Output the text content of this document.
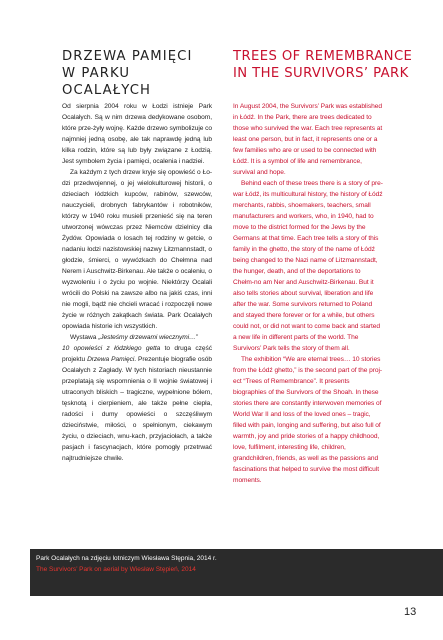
DRZEWA PAMIĘCI
W PARKU OCALAŁYCH
TREES OF REMEMBRANCE
IN THE SURVIVORS’ PARK

Od sierpnia 2004 roku w Łodzi istnieje Park Ocalałych. Są w nim drzewa dedykowane osobom, które prze-żyły wojnę. Każde drzewo symbolizuje co najmniej jedną osobę, ale tak naprawdę jedną lub kilka rodzin, które są lub były związane z Łodzią. Jest symbolem życia i pamięci, ocalenia i nadziei.

Za każdym z tych drzew kryje się opowieść o Ło-dzi przedwojennej, o jej wielokulturowej historii, o dzieciach łódzkich kupców, rabinów, szewców, nauczycieli, drobnych fabrykantów i robotników, którzy w 1940 roku musieli przenieść się na teren utworzonej wówczas przez Niemców dzielnicy dla Żydów. Opowiada o losach tej rodziny w getcie, o nadaniu łodzi nazistowskiej nazwy Litzmannstadt, o głodzie, śmierci, o wywózkach do Chełmna nad Nerem i Auschwitz-Birkenau. Ale także o ocaleniu, o wyzwoleniu i o życiu po wojnie. Niektórzy Ocalali wrócili do Polski na zawsze albo na jakiś czas, inni nie mogli, bądź nie chcieli wracać i rozpoczęli nowe życie w różnych zakątkach świata. Park Ocalałych opowiada historie ich wszystkich.

Wystawa „Jesteśmy drzewami wiecznymi…”
10 opowieści z łódzkiego getta to druga część projektu Drzewa Pamięci. Prezentuje biografie osób Ocalałych z Zagłady. W tych historiach nieustannie przeplatają się wspomnienia o II wojnie światowej i utraconych bliskich – tragiczne, wypełnione bólem, tęsknotą i cierpieniem, ale także pełne ciepła, radości i dumy opowieści o szczęśliwym dzieciństwie, miłości, o spełnionym, ciekawym życiu, o dzieciach, wnu-kach, przyjaciołach, a także pasjach i fascynacjach, które pomogły przetrwać najtrudniejsze chwile.

In August 2004, the Survivors’ Park was established in Łódź. In the Park, there are trees dedicated to those who survived the war. Each tree represents at least one person, but in fact, it represents one or a few families who are or used to be connected with Łódź. It is a symbol of life and remembrance, survival and hope.

Behind each of these trees there is a story of pre-war Łódź, its multicultural history, the history of Łódź merchants, rabbis, shoemakers, teachers, small manufacturers and workers, who, in 1940, had to move to the district formed for the Jews by the Germans at that time. Each tree tells a story of this family in the ghetto, the story of the name of Łódź being changed to the Nazi name of Litzmannstadt, the hunger, death, and of the deportations to Chełm-no am Ner and Auschwitz-Birkenau. But it also tells stories about survival, liberation and life after the war. Some survivors returned to Poland and stayed there forever or for a while, but others could not, or did not want to come back and started a new life in different parts of the world. The Survivors’ Park tells the story of them all.

The exhibition “We are eternal trees… 10 stories from the Łódź ghetto,” is the second part of the proj-ect “Trees of Remembrance”. It presents biographies of the Survivors of the Shoah. In these stories there are constantly interwoven memories of World War II and loss of the loved ones – tragic, filled with pain, longing and suffering, but also full of warmth, joy and pride stories of a happy childhood, love, fulfilment, interesting life, children, grandchildren, friends, as well as the passions and fascinations that helped to survive the most difficult moments.

Park Ocalałych na zdjęciu lotniczym Wiesława Stępnia, 2014 r.
The Survivors’ Park on aerial by Wiesław Stępień, 2014
13
